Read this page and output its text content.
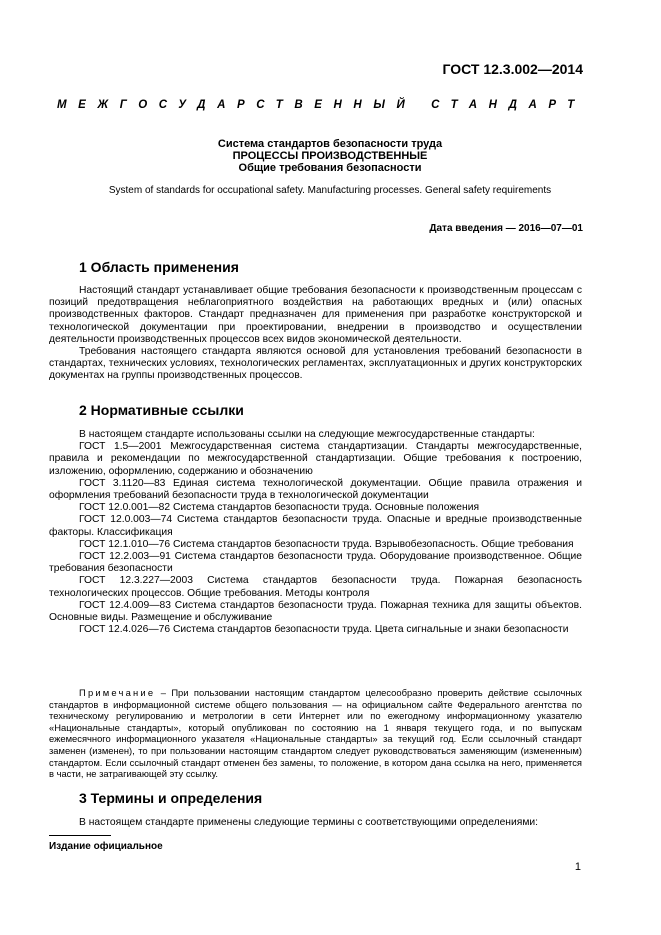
ГОСТ 12.3.002—2014
МЕЖГОСУДАРСТВЕННЫЙ СТАНДАРТ
Система стандартов безопасности труда
ПРОЦЕССЫ ПРОИЗВОДСТВЕННЫЕ
Общие требования безопасности
System of standards for occupational safety. Manufacturing processes. General safety requirements
Дата введения — 2016—07—01
1 Область применения

Настоящий стандарт устанавливает общие требования безопасности к производственным процессам с позиций предотвращения неблагоприятного воздействия на работающих вредных и (или) опасных производственных факторов. Стандарт предназначен для применения при разработке конструкторской и технологической документации при проектировании, внедрении в производство и осуществлении деятельности производственных процессов всех видов экономической деятельности.

Требования настоящего стандарта являются основой для установления требований безопасности в стандартах, технических условиях, технологических регламентах, эксплуатационных и других конструкторских документах на группы производственных процессов.

2 Нормативные ссылки

В настоящем стандарте использованы ссылки на следующие межгосударственные стандарты:

ГОСТ 1.5—2001 Межгосударственная система стандартизации. Стандарты межгосударственные, правила и рекомендации по межгосударственной стандартизации. Общие требования к построению, изложению, оформлению, содержанию и обозначению

ГОСТ 3.1120—83 Единая система технологической документации. Общие правила отражения и оформления требований безопасности труда в технологической документации

ГОСТ 12.0.001—82 Система стандартов безопасности труда. Основные положения

ГОСТ 12.0.003—74 Система стандартов безопасности труда. Опасные и вредные производственные факторы. Классификация

ГОСТ 12.1.010—76 Система стандартов безопасности труда. Взрывобезопасность. Общие требования

ГОСТ 12.2.003—91 Система стандартов безопасности труда. Оборудование производственное. Общие требования безопасности

ГОСТ 12.3.227—2003 Система стандартов безопасности труда. Пожарная безопасность технологических процессов. Общие требования. Методы контроля

ГОСТ 12.4.009—83 Система стандартов безопасности труда. Пожарная техника для защиты объектов. Основные виды. Размещение и обслуживание

ГОСТ 12.4.026—76 Система стандартов безопасности труда. Цвета сигнальные и знаки безопасности

Примечание – При пользовании настоящим стандартом целесообразно проверить действие ссылочных стандартов в информационной системе общего пользования — на официальном сайте Федерального агентства по техническому регулированию и метрологии в сети Интернет или по ежегодному информационному указателю «Национальные стандарты», который опубликован по состоянию на 1 января текущего года, и по выпускам ежемесячного информационного указателя «Национальные стандарты» за текущий год. Если ссылочный стандарт заменен (изменен), то при пользовании настоящим стандартом следует руководствоваться заменяющим (измененным) стандартом. Если ссылочный стандарт отменен без замены, то положение, в котором дана ссылка на него, применяется в части, не затрагивающей эту ссылку.

3 Термины и определения

В настоящем стандарте применены следующие термины с соответствующими определениями:

Издание официальное
1
